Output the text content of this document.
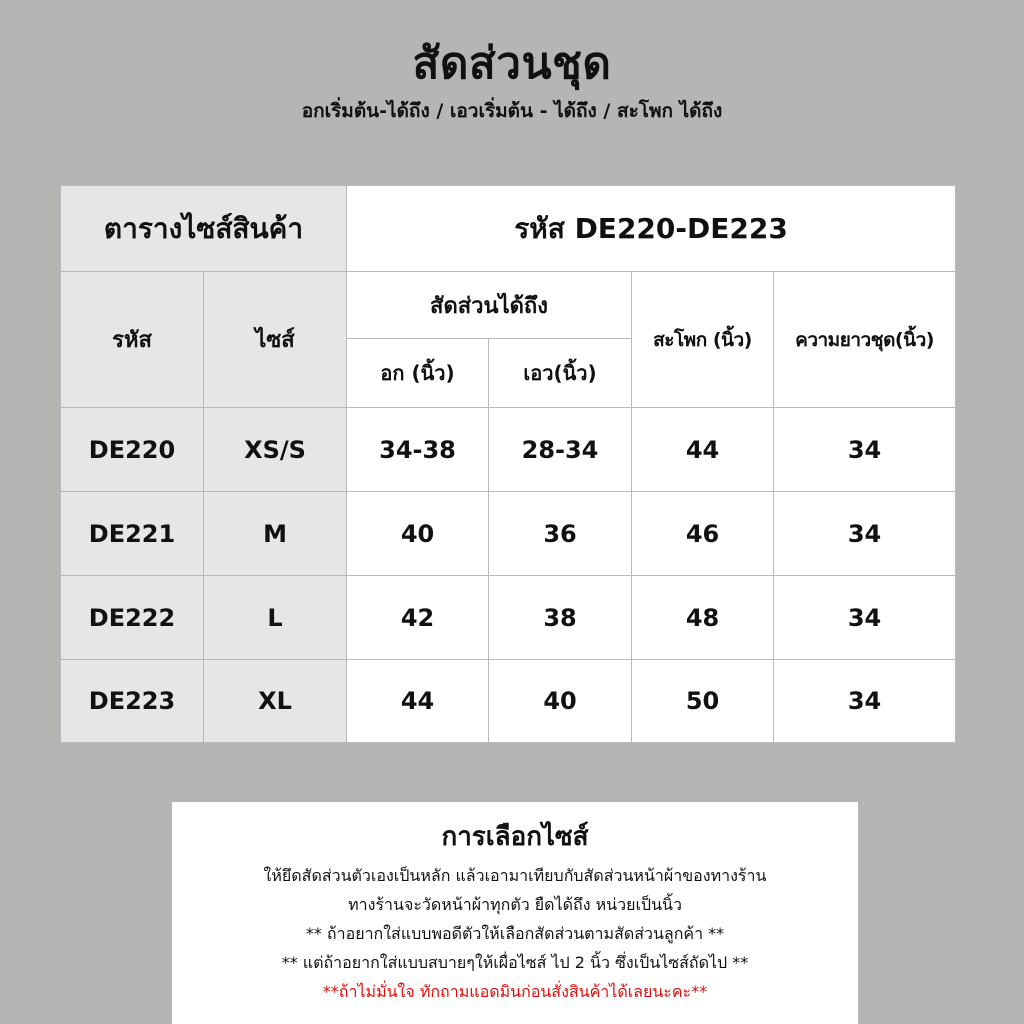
สัดส่วนชุด
อกเริ่มต้น-ได้ถึง / เอวเริ่มต้น - ได้ถึง / สะโพก ได้ถึง
ตารางไซส์สินค้า		รหัส DE220-DE223			
รหัส	ไซส์	สัดส่วนได้ถึง		สะโพก (นิ้ว)	ความยาวชุด(นิ้ว)
		อก (นิ้ว)	เอว(นิ้ว)		
DE220	XS/S	34-38	28-34	44	34
DE221	M	40	36	46	34
DE222	L	42	38	48	34
DE223	XL	44	40	50	34
การเลือกไซส์
ให้ยึดสัดส่วนตัวเองเป็นหลัก แล้วเอามาเทียบกับสัดส่วนหน้าผ้าของทางร้าน
ทางร้านจะวัดหน้าผ้าทุกตัว ยืดได้ถึง หน่วยเป็นนิ้ว
** ถ้าอยากใส่แบบพอดีตัวให้เลือกสัดส่วนตามสัดส่วนลูกค้า **
** แต่ถ้าอยากใส่แบบสบายๆให้เผื่อไซส์ ไป 2 นิ้ว ซึ่งเป็นไซส์ถัดไป **
**ถ้าไม่มั่นใจ ทักถามแอดมินก่อนสั่งสินค้าได้เลยนะคะ**
